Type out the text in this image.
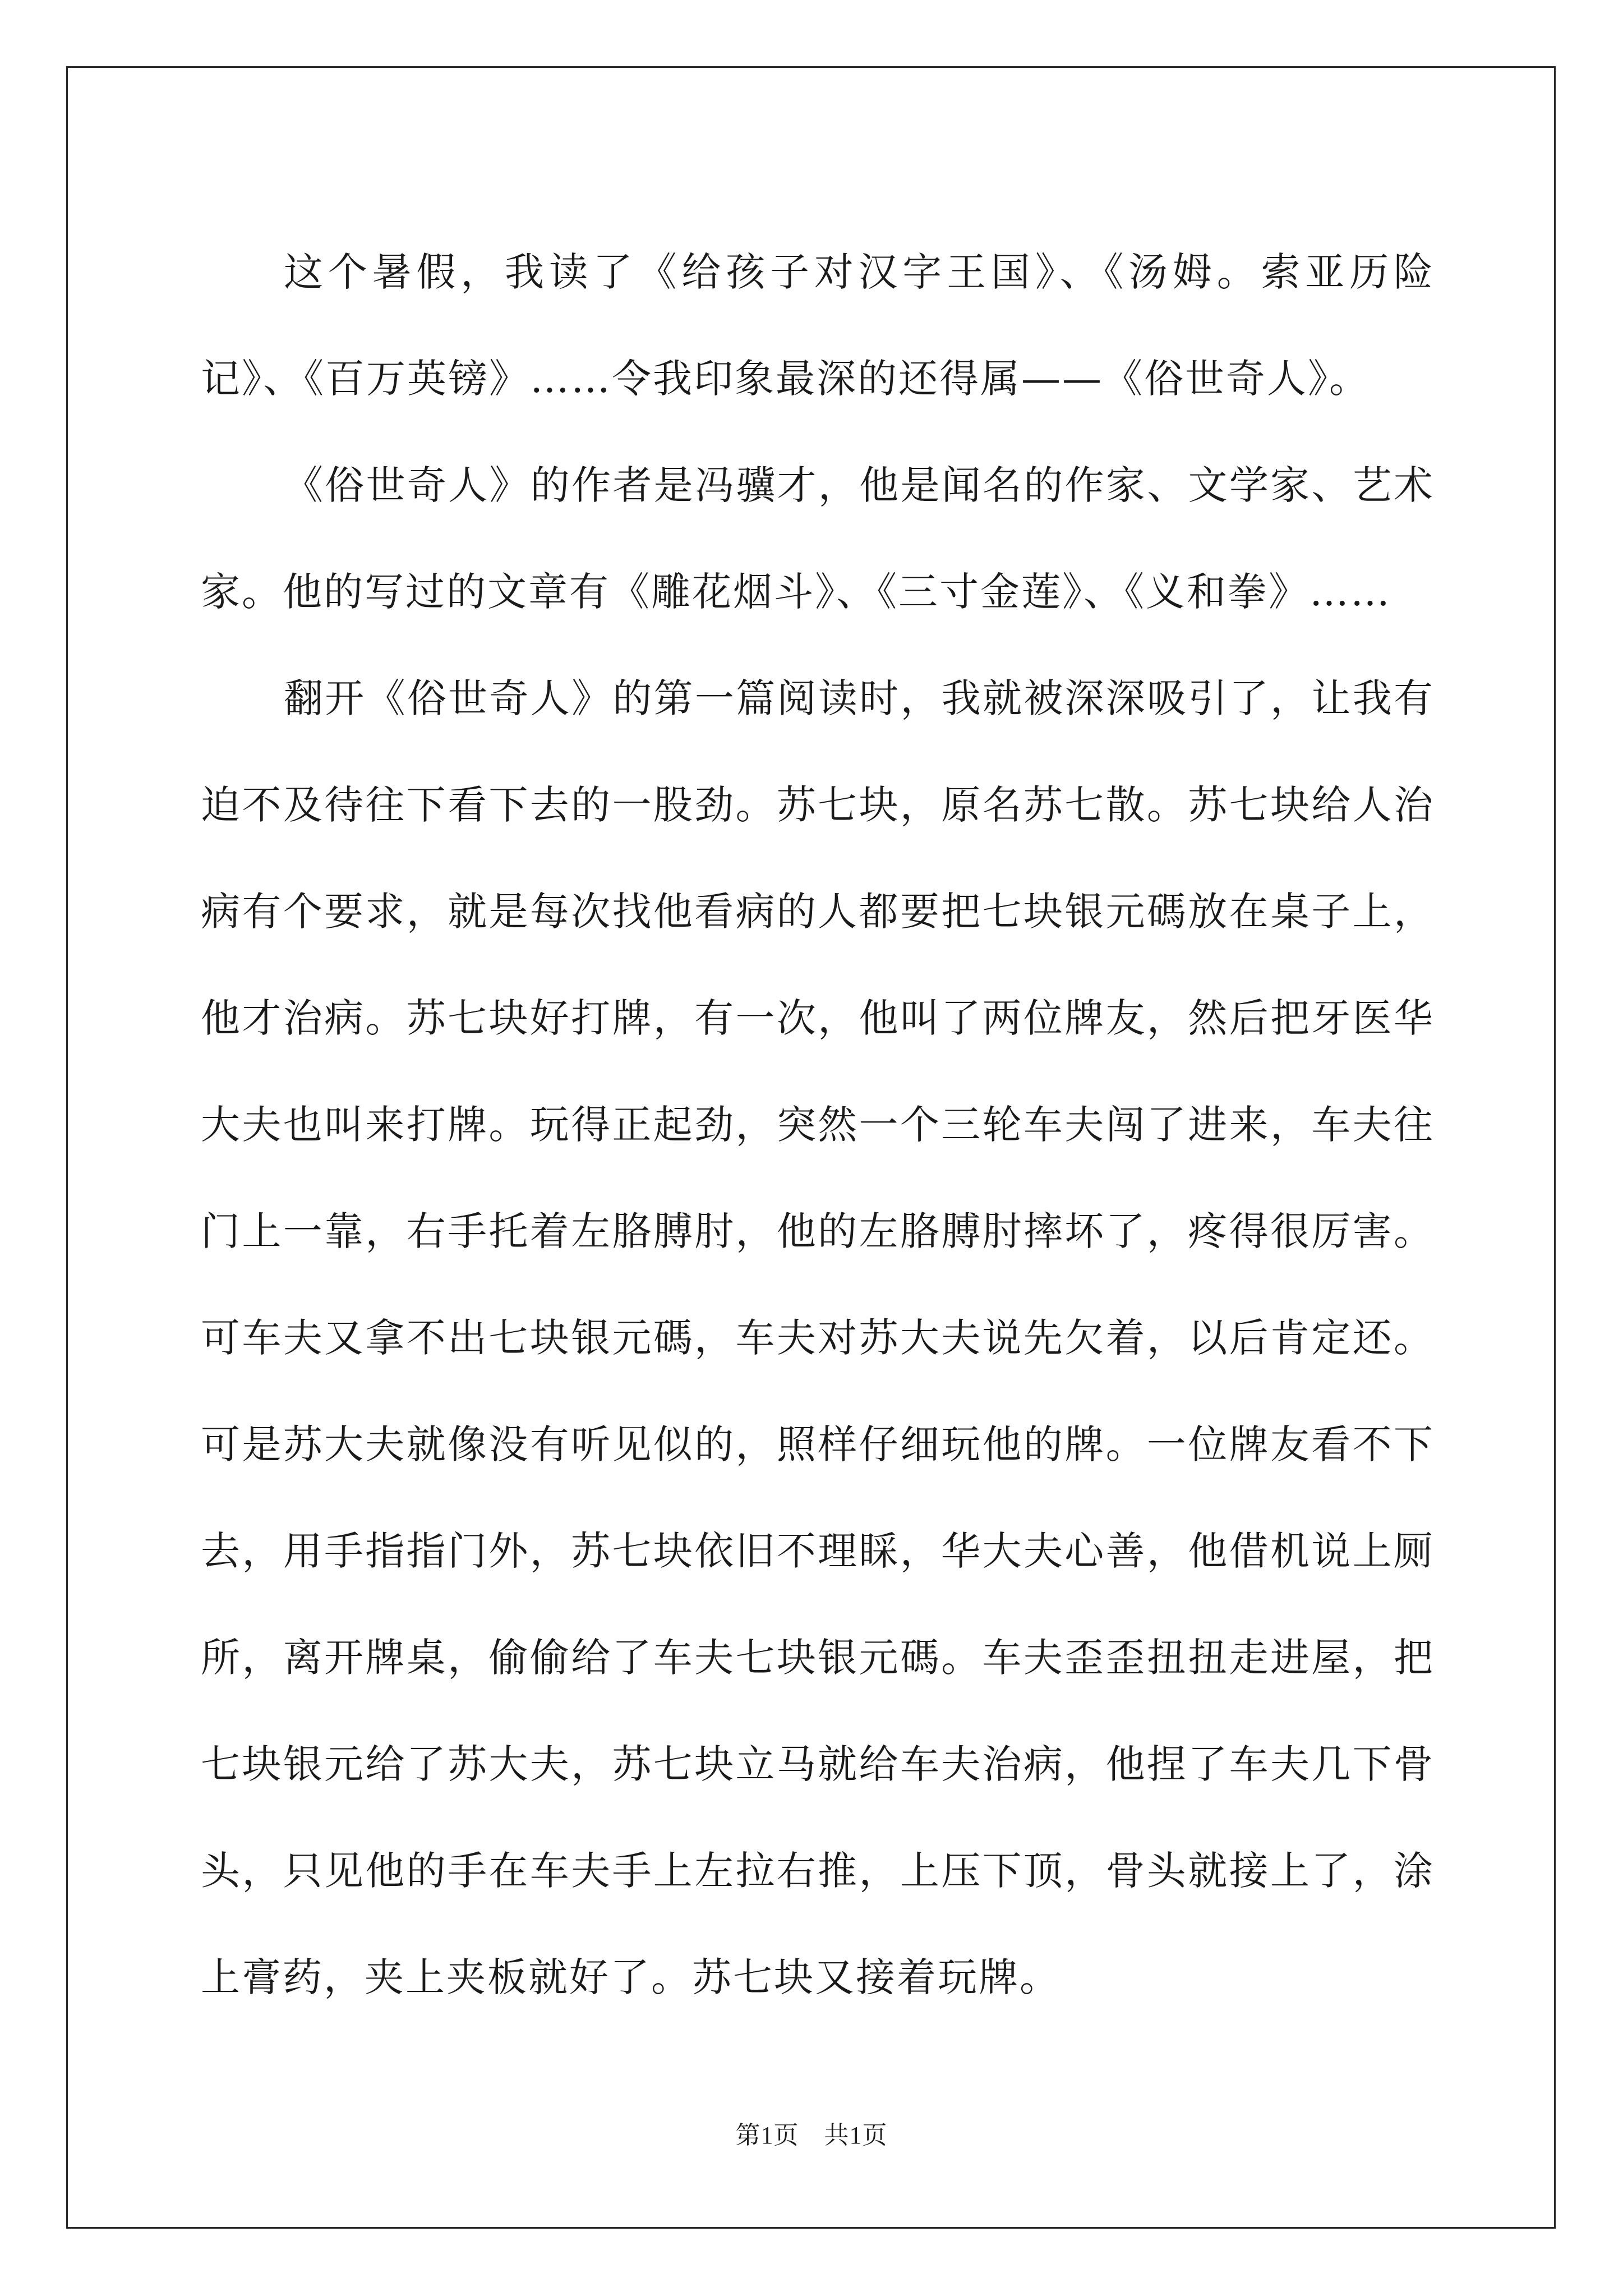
这个暑假，我读了《给孩子对汉字王国》、《汤姆。索亚历险记》、《百万英镑》……令我印象最深的还得属——《俗世奇人》。

《俗世奇人》的作者是冯骥才，他是闻名的作家、文学家、艺术家。他的写过的文章有《雕花烟斗》、《三寸金莲》、《义和拳》……

翻开《俗世奇人》的第一篇阅读时，我就被深深吸引了，让我有迫不及待往下看下去的一股劲。苏七块，原名苏七散。苏七块给人治病有个要求，就是每次找他看病的人都要把七块银元碼放在桌子上，他才治病。苏七块好打牌，有一次，他叫了两位牌友，然后把牙医华大夫也叫来打牌。玩得正起劲，突然一个三轮车夫闯了进来，车夫往门上一靠，右手托着左胳膊肘，他的左胳膊肘摔坏了，疼得很厉害。可车夫又拿不出七块银元碼，车夫对苏大夫说先欠着，以后肯定还。可是苏大夫就像没有听见似的，照样仔细玩他的牌。一位牌友看不下去，用手指指门外，苏七块依旧不理睬，华大夫心善，他借机说上厕所，离开牌桌，偷偷给了车夫七块银元碼。车夫歪歪扭扭走进屋，把七块银元给了苏大夫，苏七块立马就给车夫治病，他捏了车夫几下骨头，只见他的手在车夫手上左拉右推，上压下顶，骨头就接上了，涂上膏药，夹上夹板就好了。苏七块又接着玩牌。

第1页　共1页
